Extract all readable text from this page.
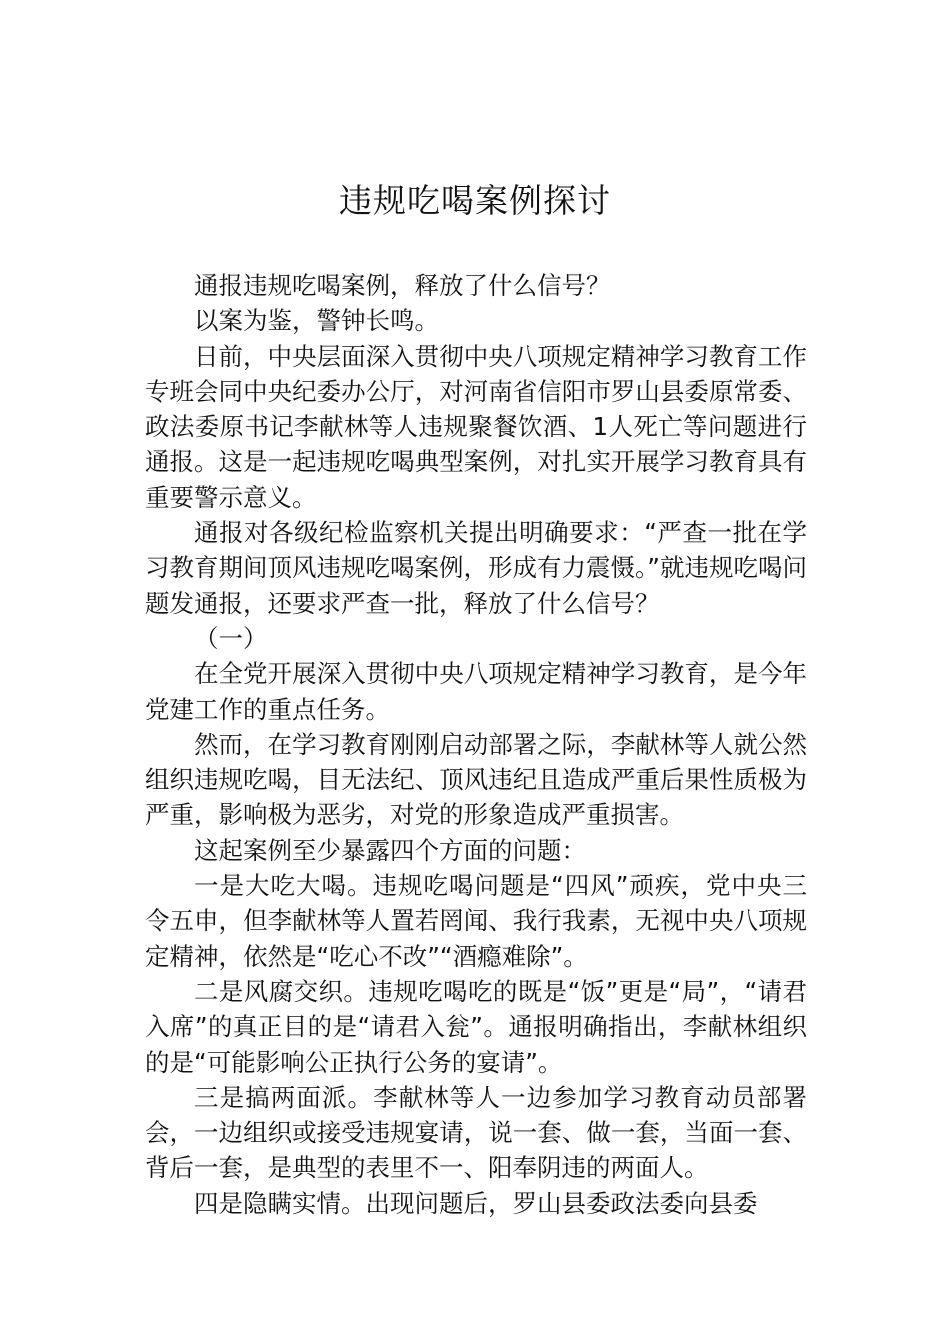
违规吃喝案例探讨

通报违规吃喝案例，释放了什么信号？

以案为鉴，警钟长鸣。

日前，中央层面深入贯彻中央八项规定精神学习教育工作专班会同中央纪委办公厅，对河南省信阳市罗山县委原常委、政法委原书记李献林等人违规聚餐饮酒、1人死亡等问题进行通报。这是一起违规吃喝典型案例，对扎实开展学习教育具有重要警示意义。

通报对各级纪检监察机关提出明确要求：“严查一批在学习教育期间顶风违规吃喝案例，形成有力震慑。”就违规吃喝问题发通报，还要求严查一批，释放了什么信号？

（一）

在全党开展深入贯彻中央八项规定精神学习教育，是今年党建工作的重点任务。

然而，在学习教育刚刚启动部署之际，李献林等人就公然组织违规吃喝，目无法纪、顶风违纪且造成严重后果性质极为严重，影响极为恶劣，对党的形象造成严重损害。

这起案例至少暴露四个方面的问题：

一是大吃大喝。违规吃喝问题是“四风”顽疾，党中央三令五申，但李献林等人置若罔闻、我行我素，无视中央八项规定精神，依然是“吃心不改”“酒瘾难除”。

二是风腐交织。违规吃喝吃的既是“饭”更是“局”，“请君入席”的真正目的是“请君入瓮”。通报明确指出，李献林组织的是“可能影响公正执行公务的宴请”。

三是搞两面派。李献林等人一边参加学习教育动员部署会，一边组织或接受违规宴请，说一套、做一套，当面一套、背后一套，是典型的表里不一、阳奉阴违的两面人。

四是隐瞒实情。出现问题后，罗山县委政法委向县委
